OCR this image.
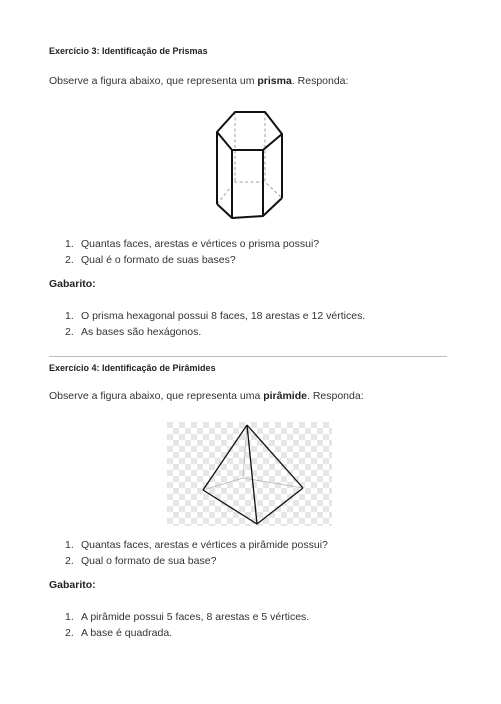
Exercício 3: Identificação de Prismas
Observe a figura abaixo, que representa um prisma. Responda:
1. Quantas faces, arestas e vértices o prisma possui?
2. Qual é o formato de suas bases?
Gabarito:
1. O prisma hexagonal possui 8 faces, 18 arestas e 12 vértices.
2. As bases são hexágonos.
Exercício 4: Identificação de Pirâmides
Observe a figura abaixo, que representa uma pirâmide. Responda:
1. Quantas faces, arestas e vértices a pirâmide possui?
2. Qual o formato de sua base?
Gabarito:
1. A pirâmide possui 5 faces, 8 arestas e 5 vértices.
2. A base é quadrada.
